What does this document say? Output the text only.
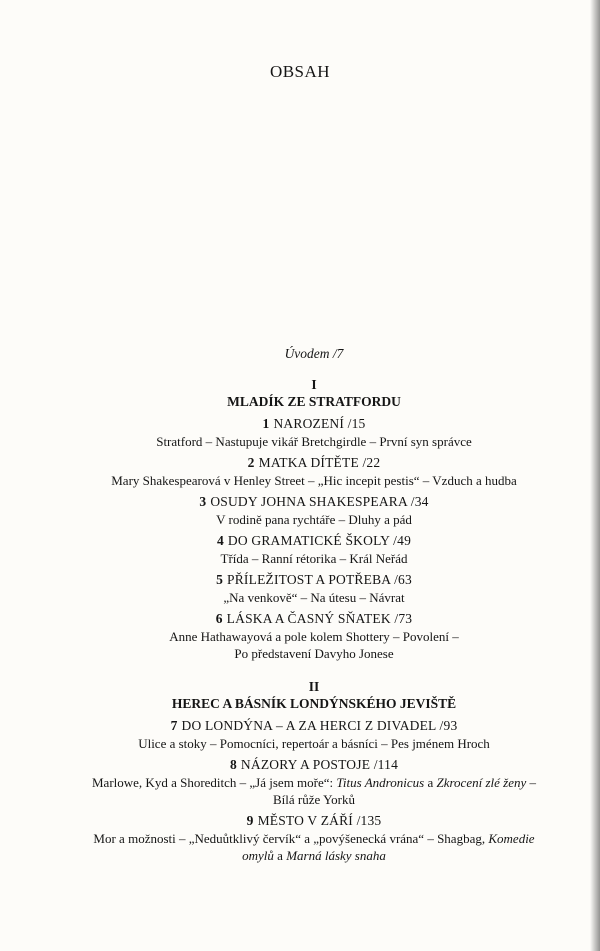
OBSAH
Úvodem /7
I
MLADÍK ZE STRATFORDU
1 NAROZENÍ /15
Stratford – Nastupuje vikář Bretchgirdle – První syn správce
2 MATKA DÍTĚTE /22
Mary Shakespearová v Henley Street – „Hic incepit pestis“ – Vzduch a hudba
3 OSUDY JOHNA SHAKESPEARA /34
V rodině pana rychtáře – Dluhy a pád
4 DO GRAMATICKÉ ŠKOLY /49
Třída – Ranní rétorika – Král Neřád
5 PŘÍLEŽITOST A POTŘEBA /63
„Na venkově“ – Na útesu – Návrat
6 LÁSKA A ČASNÝ SŇATEK /73
Anne Hathawayová a pole kolem Shottery – Povolení –
Po představení Davyho Jonese
II
HEREC A BÁSNÍK LONDÝNSKÉHO JEVIŠTĚ
7 DO LONDÝNA – A ZA HERCI Z DIVADEL /93
Ulice a stoky – Pomocníci, repertoár a básníci – Pes jménem Hroch
8 NÁZORY A POSTOJE /114
Marlowe, Kyd a Shoreditch – „Já jsem moře“: Titus Andronicus a Zkrocení zlé ženy –
Bílá růže Yorků
9 MĚSTO V ZÁŘÍ /135
Mor a možnosti – „Neduůtklivý červík“ a „povýšenecká vrána“ – Shagbag, Komedie
omylů a Marná lásky snaha
